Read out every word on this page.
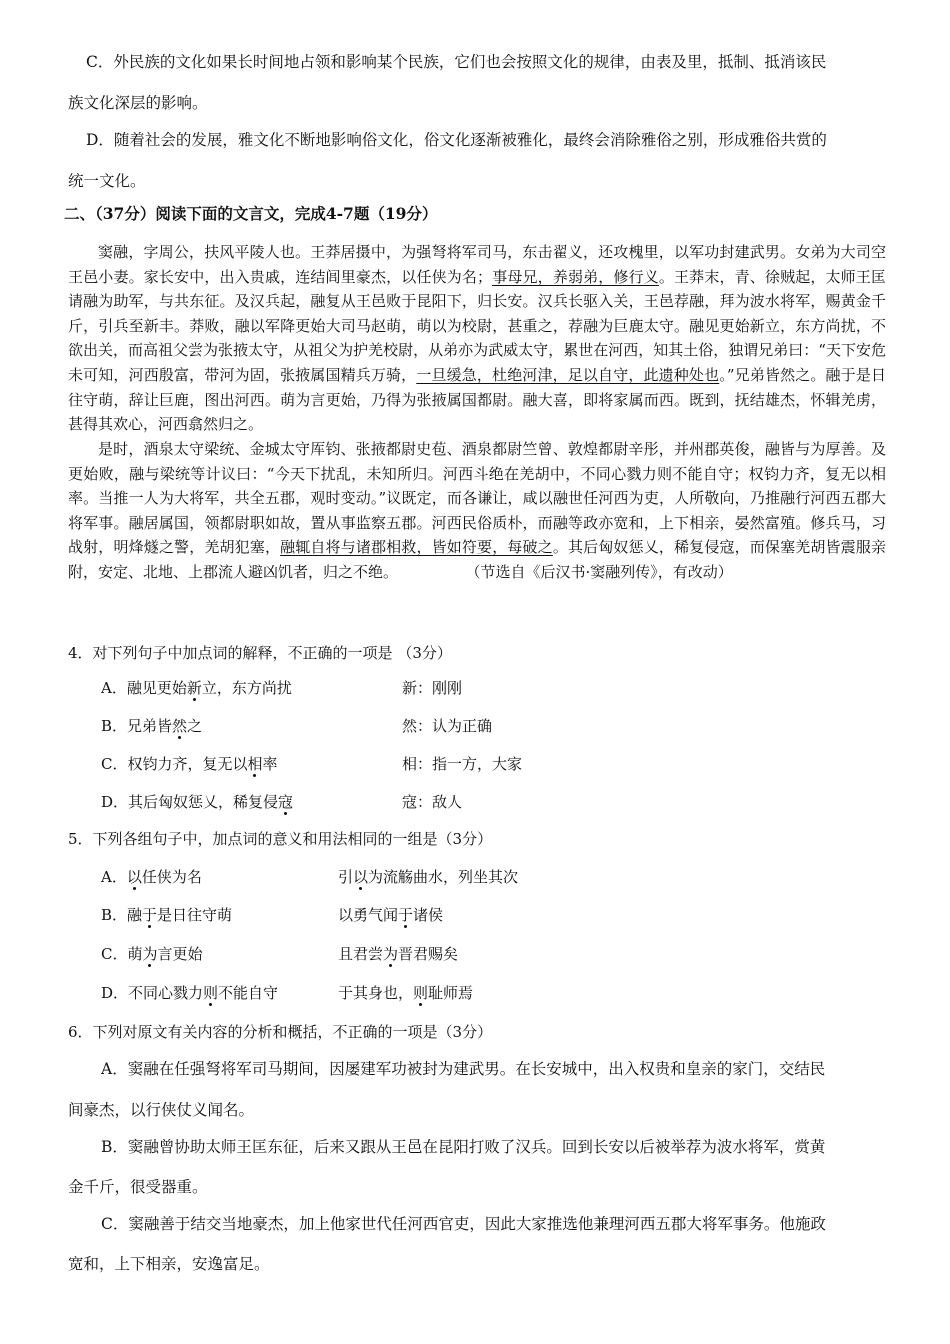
C．外民族的文化如果长时间地占领和影响某个民族，它们也会按照文化的规律，由表及里，抵制、抵消该民
族文化深层的影响。
D．随着社会的发展，雅文化不断地影响俗文化，俗文化逐渐被雅化，最终会消除雅俗之别，形成雅俗共赏的
统一文化。
二、（37分）阅读下面的文言文，完成4-7题（19分）
窦融，字周公，扶风平陵人也。王莽居摄中，为强弩将军司马，东击翟义，还攻槐里，以军功封建武男。女弟为大司空王邑小妻。家长安中，出入贵戚，连结闾里豪杰，以任侠为名；事母兄，养弱弟，修行义。王莽末，青、徐贼起，太师王匡请融为助军，与共东征。及汉兵起，融复从王邑败于昆阳下，归长安。汉兵长驱入关，王邑荐融，拜为波水将军，赐黄金千斤，引兵至新丰。莽败，融以军降更始大司马赵萌，萌以为校尉，甚重之，荐融为巨鹿太守。融见更始新立，东方尚扰，不欲出关，而高祖父尝为张掖太守，从祖父为护羌校尉，从弟亦为武威太守，累世在河西，知其土俗，独谓兄弟曰：“天下安危未可知，河西殷富，带河为固，张掖属国精兵万骑，一旦缓急，杜绝河津，足以自守，此遗种处也。”兄弟皆然之。融于是日往守萌，辞让巨鹿，图出河西。萌为言更始，乃得为张掖属国都尉。融大喜，即将家属而西。既到，抚结雄杰，怀辑羌虏，甚得其欢心，河西翕然归之。
是时，酒泉太守梁统、金城太守厍钧、张掖都尉史苞、酒泉都尉竺曾、敦煌都尉辛彤，并州郡英俊，融皆与为厚善。及更始败，融与梁统等计议曰：“今天下扰乱，未知所归。河西斗绝在羌胡中，不同心戮力则不能自守；权钧力齐，复无以相率。当推一人为大将军，共全五郡，观时变动。”议既定，而各谦让，咸以融世任河西为吏，人所敬向，乃推融行河西五郡大将军事。融居属国，领都尉职如故，置从事监察五郡。河西民俗质朴，而融等政亦宽和，上下相亲，晏然富殖。修兵马，习战射，明烽燧之警，羌胡犯塞，融辄自将与诸郡相救，皆如符要，每破之。其后匈奴惩乂，稀复侵寇，而保塞羌胡皆震服亲附，安定、北地、上郡流人避凶饥者，归之不绝。	（节选自《后汉书·窦融列传》，有改动）
4．对下列句子中加点词的解释，不正确的一项是 （3分）
A．融见更始新立，东方尚扰	新：刚刚
B．兄弟皆然之	然：认为正确
C．权钧力齐，复无以相率	相：指一方，大家
D．其后匈奴惩乂，稀复侵寇	寇：敌人
5．下列各组句子中，加点词的意义和用法相同的一组是（3分）
A．以任侠为名	引以为流觞曲水，列坐其次
B．融于是日往守萌	以勇气闻于诸侯
C．萌为言更始	且君尝为晋君赐矣
D．不同心戮力则不能自守	于其身也，则耻师焉
6．下列对原文有关内容的分析和概括，不正确的一项是（3分）
A．窦融在任强弩将军司马期间，因屡建军功被封为建武男。在长安城中，出入权贵和皇亲的家门，交结民
间豪杰，以行侠仗义闻名。
B．窦融曾协助太师王匡东征，后来又跟从王邑在昆阳打败了汉兵。回到长安以后被举荐为波水将军，赏黄
金千斤，很受器重。
C．窦融善于结交当地豪杰，加上他家世代任河西官吏，因此大家推选他兼理河西五郡大将军事务。他施政
宽和，上下相亲，安逸富足。
